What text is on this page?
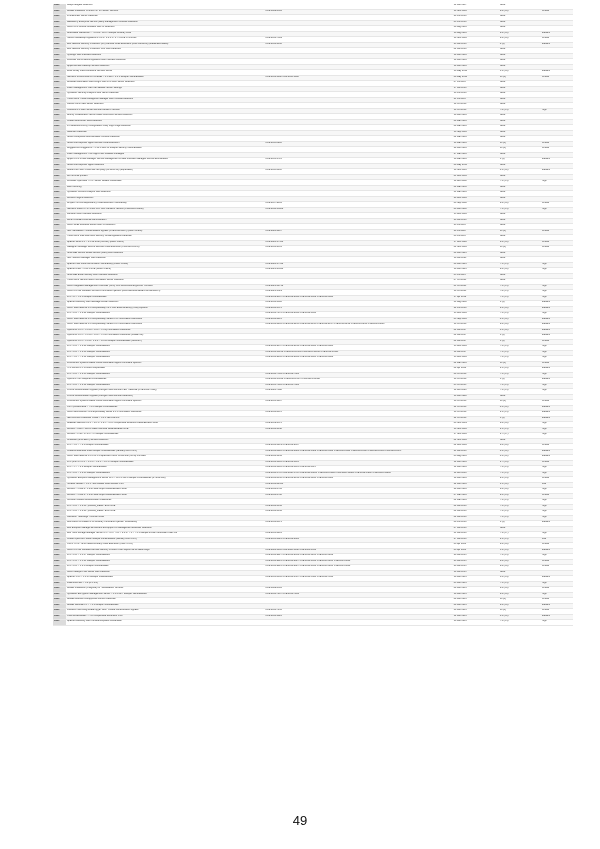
Pass	Avaya Netgear Detection		14 Feb 2017	None	
Pass	Default Password 'Phonon7/m' for 'admin' Account	CVE-1999-0502	10 Nov 2016	6.8 (4.8)	Critical
Pass	PhoneFinder Server Detection		20 Jun 2016	None	
Pass	BlackBerry Enterprise Service (BES) Management Console Detection		03 Jun 2016	None	
Pass	Cisco UCS Central Software Web UI Detection		30 Aug 2016	None	
Pass	Automated Webserver < 7.8.033 / 08.07 Multiple Arbitrary RCE		16 Aug 2016	6.8 (4.8)	Medium
Pass	Harbor NetBackup Appliance 2.6.0.x / 2.6.1.x / 2.7.x RCE STSS-002	CVE-2016-7399	10 Nov 2016	6.8 (4.8)	Critical
Pass	IBM Network Security Protection (GX) Remote Code Execution (tcuf2 DB/BOG) (unattended status)	CVE-2016-6050	23 Jan 2016	4 (4)	Medium
Pass	IBM Network Security Protection GX2 Web Detection		02 Jan 2016	None	
Pass	SysLog2 Web Interface Detection		19 Feb 2016	None	
Pass	Foreman Performance Appliance Web Interface Detection		19 Feb 2016	None	
Pass	Apple Remote Desktop Service Detection		19 Feb 2016	None	
Pass	Zeus Dovey Files Disclosure via Web Server		16 May 2016	5.3 (4.8)	Medium
Pass	Siemens SCALANCE M-3 Firewall < 2.1 and < 2.3.5 Multiple Vulnerabilities	CVE-2012-1198 CVE-2012-1800	08 May 2016	10 (4)	Critical
Pass	Rockwell Automation Micro-Logix 1100 PLC Web Server Detection		07 Jul 2016	None	
Pass	Patch Management: Red Hat Satellite Server Settings		17 Jan 2016	None	
Pass	Symantec Security Analytics Web Server Detection		16 Jun 2016	None	
Pass	Trend Micro Threat Intelligence Manager Web Console Detection		21 Jul 2016	None	
Pass	VERDI ConnTraks Server Detection		19 Oct 2016	None	
Pass	OrientDB 2.0 Web Server Remote Denial of Service		10 Oct 2016	7.8 (4.5)	High
Pass	Boomy Collaboration Server Asset Grid/Cloud Service Detection		18 Feb 2016	None	
Pass	Oracle WebCenter Sites Detection		09 Mar 2016	None	
Pass	F5 Networks BIG-IQ Configuration Utility Login Page Detection		09 Mar 2016	None	
Pass	Gearmen Detection		16 Sep 2016	None	
Pass	Novell GroupWise Administrative Console Detection		02 Mar 2016	None	
Pass	Novell File Reporter Agent Remote Code Execution	CVE-2011-0994	10 Mar 2016	10 (4)	Critical
Pass	RuggedCom RuggedOS < 3.12.1 Web UI Multiple Security Vulnerabilities		29 Feb 2016	10 (4)	Critical
Pass	Patch Management: HCL BigFix Get Installed Packages		27 Mar 2016	None	
Pass	Apple iOS 9 Profile Manager Service Management Private Interface Managed Service Enumeration	CVE-2015-3723	18 Mar 2016	5 (4)	Medium
Pass	Novell File Reporter Agent Detection		08 May 2011	None	
Pass	Adobe Flex SDK Cross-Site Scripting (APSB11-13) (deprecated)	CVE-2011-2461	10 Nov 2011	4.3 (4.2)	Medium
Pass	Do not write printers		01 Dec 2005	None	
Pass	Windows Openview HTTP Server Default Credentials		11 Dec 2008	7.5 (4.5)	High
Pass	Web mirroring		04 Mar 2001	None	
Pass	Symantec Content Analysis Web Detection		31 Mar 2016	None	
Pass	Jenkins Plugins Detection		20 Dec 2016	None	
Pass	Drupal PHPUnit/Dependency Code Execution Vulnerability	CVE-2017-9841	06 Sep 2018	6.8 (4.8)	Critical
Pass	Siemens SIMATIC S7-1500 PLC UDP Denial of Service (CVE-2018-13808)	CVE-2018-13808	06 Feb 2018	7.5 (4.5)	High
Pass	Monsoon Web Interface Detection		15 Dec 2016	None	
Pass	Lenel OnGuard License Administration		26 Jan 2016	None	
Pass	Cisco Small Business Router Web UI Detection		23 Jul 2016	None	
Pass	SAP NetWeaver - Authentication Bypass (CVE-2020-6287) (Direct Check)	CVE-2020-6287	20 Jul 2020	10 (4)	Critical
Pass	Trend Micro InterScan Web Security Virtual Appliance Detection		06 Jul 2016	None	
Pass	Apache Struts 2.x < 2.5.28 RCE (S2-061) (direct check)	CVE-2020-17530	17 Dec 2020	6.8 (4.8)	Critical
Pass	Gallagher Message Service Remote Code Execution (CVE-2013-2351)	CVE-2013-2351	04 Nov 2016	10 (4)	Critical
Pass	SonicWall Secure Mobile Access (SMA) Web Detection		09 Feb 2021	None	
Pass	SAP Solution Manager Web Detection		18 Jan 2021	None	
Pass	Apache Flink Local file-inclusion Vulnerability (Direct Check)	CVE-2020-17519	08 Feb 2021	7.5 (4.5)	High
Pass	Apache Druid < 0.20.1 RCE (Direct Check)	CVE-2021-25646	18 Feb 2021	8.8 (4.8)	High
Pass	SonicWall Email Security Web Interface Detection		05 Jul 2021	None	
Pass	Trend Micro ServerProtect Information Server Detection		07 Oct 2021	None	
Pass	Cisco Integrated Management Controller (ULC) Unix direct-cal-line-gui-line TOPLEN	CVE-2021-34739	01 Oct 2021	7.5 (4.5)	High
Pass	Cisco IOS XE Software SD-WAN Command Injection (cisco-sa-iosxe-sdwan-rce-4sbDGKH)	CVE-2021-1529	10 Oct 2021	7.8 (4.5)	High
Pass	PHP 5.x < 5.3.x Multiple Vulnerabilities	CVE-2019-9637 CVE-2019-9638 CVE-2019-9639 CVE-2019-9641	17 Apr 2019	7.5 (4.5)	High
Pass	Apache ActiveMQ Web Message Broker Detection	CVE-2014-3600	31 Aug 2018	5 (4)	Medium
Pass	Cisco TelePresence VCS Expressway X8.5 XML External Entity (XXE) Injection	CVE-2014-3576	24 Jun 2018	6.4 (4.8)	Medium
Pass	PHP 5.6.x < 5.6.24 Multiple Vulnerabilities	CVE-2016-7478 CVE-2016-8658 CVE-2016-8654	13 Dec 2016	7.5 (4.5)	High
Pass	Cisco TelePresence VCS Expressway Series 8.5.1 Information Disclosure	CVE-2016-6415	03 Sep 2016	4.3 (4.2)	Medium
Pass	Cisco TelePresence VCS Expressway Series 8.6.3 Information Disclosure	CVE-2016-6203 CVE-2016-6211 CVE-2016-6213 CVE-2016-6217 CVE-2016-6218 CVE-2016-6219 CVE-2016-6220	10 Oct 2016	6.8 (4.8)	Medium
Pass	OpenSSL 1.0.1 < 1.0.1u / 1.0.2 < 1.0.2j Information Disclosure		04 Jan 2017	4.3 (4.2)	Medium
Pass	OpenSSL 1.0.1 < 1.0.1u / 1.0.2 < 1.0.2i Information Disclosure (SWEET32)		04 Jan 2017	5 (4)	Medium
Pass	OpenSSL 1.0.1 < 1.0.1t / 1.0.2 < 1.0.2h Multiple Vulnerabilities (SACKET)		04 Jan 2017	5 (4)	Critical
Pass	PHP 5.6.x < 5.6.29 Multiple Vulnerabilities	CVE-2016-9137 CVE-2016-9138 CVE-2016-9934 CVE-2016-9935	13 Dec 2016	7.5 (4.5)	High
Pass	PHP 5.6.x < 5.6.30 Multiple Vulnerabilities	CVE-2016-10158 CVE-2016-10159 CVE-2016-10160 CVE-2016-10161	19 Jan 2017	7.5 (4.5)	High
Pass	PHP 7.0.x < 7.0.14 Multiple Vulnerabilities	CVE-2016-9933 CVE-2016-9934 CVE-2016-9935 CVE-2016-9936	13 Dec 2016	7.5 (4.5)	High
Pass	Pexconnect Systems Radio Check Automation Agent Command Injection		02 Mar 2016	10 (4)	Critical
Pass	TLS Version 1.1 Protocol Deprecated		04 Apr 2020	6.5 (4.6)	Medium
Pass	PHP 5.6.x < 5.6.33 Multiple Vulnerabilities	CVE-2018-7584 CVE-2018-7604	08 Oct 2018	7.5 (4.5)	High
Pass	OpenSSH NO Required Vulnerabilities	CVE-2018-15919 CVE-2018-15473 CVE-2021-36368	10 Oct 2018	5 (4)	Medium
Pass	PHP 5.6.x < 5.6.14 Multiple Vulnerabilities	CVE-2015-7803 CVE-2015-7804	05 Oct 2015	7.5 (4.5)	High
Pass	VIGOR Authentication Bypass (Vikingex Web Remote Path Traversal (CVE-2020-7898))	CVE-2020-7898	11 Feb 2020	7.5 (4.5)	High
Pass	VIGOR Authentication Bypass (Vikingex Web Remote Detection)		10 Feb 2020	None	
Pass	Pexconnect Systems Radio Check Automation Agent Command Injection	CVE-2015-1497	18 Oct 2016	10 (4)	Critical
Pass	OVH (DoNetViewe < 7.4.0 Multiple Vulnerabilities		22 Oct 2016	4.3 (4.2)	Medium
Pass	Cisco NetPresence VCS Expressway Series 8.5.1 Information Disclosure	CVE-2014-8078	10 Oct 2018	6.5 (4.5)	Medium
Pass	SECUODDUS Resolver Vuiste < 3.4.1 NETDALVIS		22 Oct 2016	5 (4)	Medium
Pass	Atlassian Bamboo 6.2.x < 6.8.1 / 6.9.x < 6.9.1 Unspecified Resource Deserialization RCE	CVE-2019-6576	06 Nov 2019	6.8 (4.8)	High
Pass	Jenkins < 2046 / 1435.2 Latent Remote Deserialization RCE	CVE-2016-6148	16 Nov 2016	6.5 (4.5)	High
Pass	Jenkins < 2.46 / LTS 2.7.17 Multiple Vulnerabilities		17 Nov 2016	6.7 (4.7)	High
Pass	Crashtest (MSP-ERC) Service Detection		02 Nov 2016	None	
Pass	PHP 7.0.x < 7.0.1 Multiple Vulnerabilities	CVE-2016-3219 CVE-2016-9617	02 Dec 2016	6.8 (4.8)	Critical
Pass	Oracle E-Business Suite Multiple Vulnerabilities (January 2016 CPU)	CVE-2016-0420 CVE-2016-0428 CVE-2016-0429 CVE-2016-0430 CVE-2016-0432 CVE-2016-0433 CVE-2016-0436 CVE-2016-0437	21 Jan 2016	4.3 (4.2)	Medium
Pass	Cisco TelePresence VCS X8.x Unspecified XSRF Cross-Site (SCSI) DS Data	CVE-2016-1444	03 Aug 2016	4.3 (4.2)	Medium
Pass	PHP prior to 5.5.x < 5.5.37 / 5.6.x < 5.6.17 Multiple Vulnerabilities	CVE-2016-1903 CVE-2016-5114	14 Feb 2016	6.7 (4.6)	Critical
Pass	PHP 7.x < 7.0.2 Multiple Vulnerabilities	CVE-2016-1903 CVE-2016-5114 CVE-2016-5115	14 Feb 2016	7.5 (4.5)	High
Pass	PHP 5.6.x < 5.6.33 Multiple Vulnerabilities	CVE-2018-5711 CVE-2018-5712 CVE-2018-14851 CVE-2018-14883 CVE-2018-14884 CVE-2018-14885 CVE-2018-14886	11 Feb 2018	7.5 (4.5)	High
Pass	Symantec Endpoint Management Server 12.1 < 12.1.2 MP3 Multiple Vulnerabilities (SYM16-002)	CVE-2016-8136 CVE-2016-8146 CVE-2016-8160 CVE-2016-8161	19 Feb 2016	9.0 (4.9)	Critical
Pass	Tenable Nessus < 6.5.5 Host Details Scan Results XSS	CVE-2016-82334	22 Feb 2016	3.5 (4.2)	Low
Pass	Jenkins < 1.642.2 / 1.650 Java Object Deserialization RCE	CVE-2016-0792	29 Feb 2016	6.8 (4.8)	High
Pass	Jenkins < 1.642.2 / 1.650 Java Object Deserialization RCE	CVE-2016-0788	07 Mar 2016	9.0 (4.9)	Critical
Pass	Centreon Default Authentication Passwords		02 Mar 2016	7.5 (4.5)	High
Pass	PHP 5.6.x < 5.6.30 `process_stated` Error RCE	CVE-2016-3142	04 Jan 2016	7.5 (4.5)	High
Pass	PHP 5.6.x < 5.6.20 `process_stated` Error RCE	CVE-2016-3142	04 Jan 2016	7.5 (4.5)	High
Pass	Cambium `reset/logs` Function RCE		02 Jan 2016	7.5 (4.5)	High
Pass	Dell iDRAC Firmware iPV6 Arbitrary Command Injection Vulnerability	CVE-2016-8672	08 Jun 2016	5 (4)	Medium
Pass	IBM Endpoint Manager Enrollment and Apple iOS Management Extender Detection		07 Jan 2016	None	
Pass	IBM Tivoli Storage Manager Server 6.1 < 6.3.7 / 6.x < 6.4.1 / 7.1 < 7.1.1 Multiple & DB2 Certificate Chain Vul	CVE-2015-4212	31 Jan 2016	7.1 (4.7)	High
Pass	Oracle OpenSSO SAML Multiple Vulnerabilities (January 2016 CPU)	CVE-2015-4025 CVE-2016-0665	27 Jan 2016	2.3 (4.1)	Low
Pass	OSHP OTG / SLP2 Mass Arbitrary Code Execution (CDN-71-01)		03 Apr 2003	6.8 (4.8)	Critical
Pass	Cisco IOS XE Software Remote Memory Protocol Over-Layout via DHMEM Bugs	CVE-2006-1194 CVE-2006-3038 CVE-2006-3039	03 Apr 2003	5.6 (4.6)	Medium
Pass	PHP 5.4.x < 5.4.37 Multiple Vulnerabilities	CVE-2014-9427 CVE-2014-9652 CVE-2015-0231 CVE-2015-0232	26 Jan 2015	7.5 (4.5)	High
Pass	PHP 5.5.x < 5.5.21 Multiple Vulnerabilities	CVE-2014-9425 CVE-2014-9427 CVE-2014-9652 CVE-2015-0231 CVE-2015-0232	23 Jan 2015	6.8 (4.8)	Critical
Pass	PHP 5.6.x < 5.6.5 Multiple Vulnerabilities	CVE-2014-9425 CVE-2014-9427 CVE-2014-9652 CVE-2015-0231 CVE-2015-0232	26 Jan 2015	6.8 (4.8)	Critical
Pass	Cisco Catalyst PGA Series Web Detection		10 Jan 2015	None	
Pass	Apache 1.4.x < 1.4.13 Multiple Vulnerabilities	CVE-2015-0193 CVE-2014-3567 CVE-2014-3568 CVE-2014-3513	18 Feb 2015	5.0 (4.9)	Medium
Pass	Palomina PMD < 5.0 (IPC 2/1)		03 Feb 2015	7.5 (4.5)	High
Pass	Default Password (Unsigned) for `subsidiaries` Account	CVE-1999-0502	09 Feb 2015	6.8 (4.8)	Critical
Pass	Symantec Encryption Management Server < 3.3.2 MP7 Multiple Vulnerabilities	CVE-2014-7287 CVE-2014-7288	18 Feb 2015	6.8 (4.8)	High
Pass	Adnaki Methods Unsupported Version Detection		09 Feb 2015	10 (4)	Critical
Pass	Adnaki Webmail 1.x < 7.1.3 Multiple Vulnerabilities		09 Feb 2015	6.8 (4.8)	Medium
Pass	FreeRBS microAlog's/data log.jar .auth `Cookie Authentication Bypass	CVE-2014-7233	30 Feb 2015	10 (4)	Critical
Pass	OWA DoNetWeise < 7.4.0 Unspecified Recursion XSS	CVE-2014-1923	12 Feb 2015	4.3 (4.2)	Medium
Pass	Apache ActiveMQ Web Console Exposed Credentials		16 Feb 2015	7.5 (4.5)	High
49
